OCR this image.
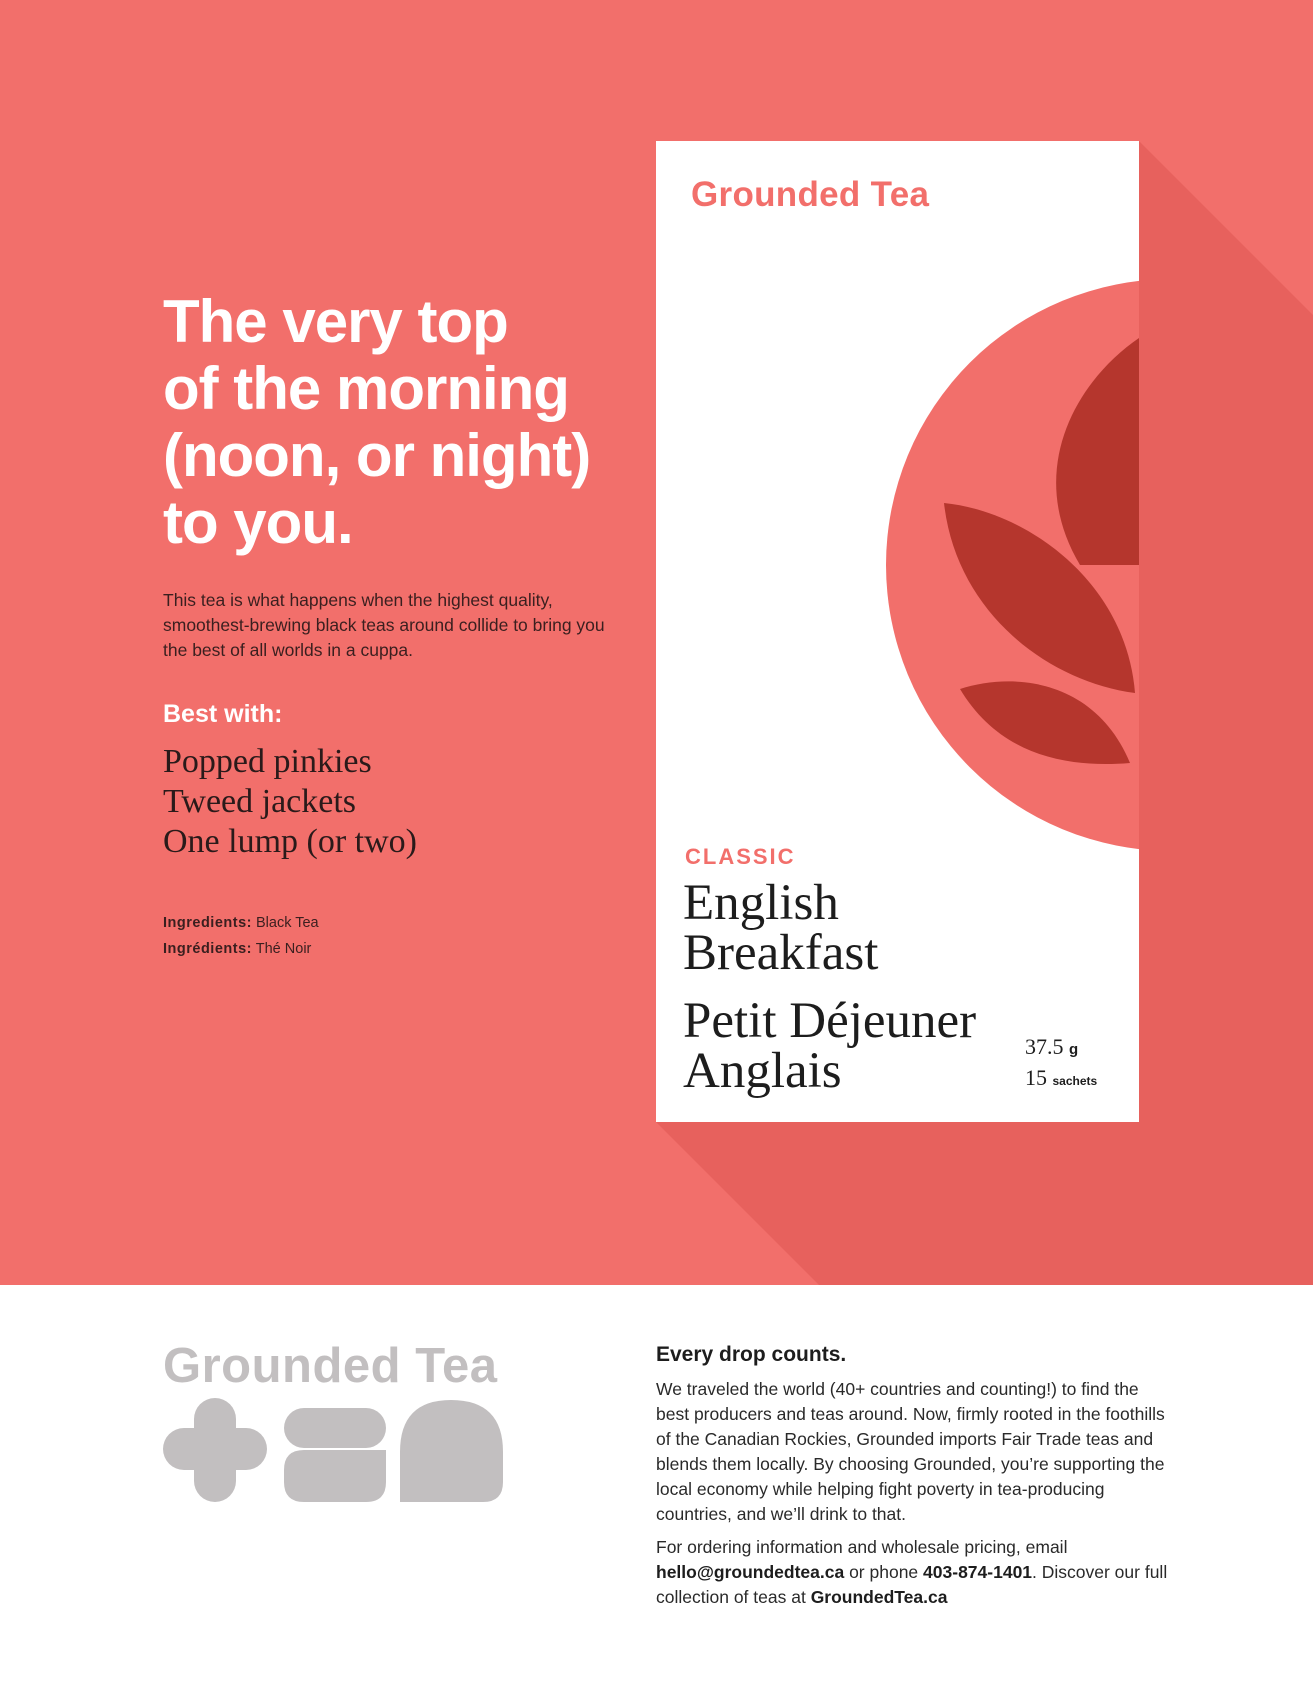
The very top
of the morning
(noon, or night)
to you.

This tea is what happens when the highest quality, smoothest-brewing black teas around collide to bring you the best of all worlds in a cuppa.

Best with:
Popped pinkies
Tweed jackets
One lump (or two)
Ingredients: Black Tea
Ingrédients: Thé Noir
Grounded Tea
CLASSIC
English
Breakfast
Petit Déjeuner
Anglais	37.5 g
15 sachets
Grounded Tea	Every drop counts.

We traveled the world (40+ countries and counting!) to find the best producers and teas around. Now, firmly rooted in the foothills of the Canadian Rockies, Grounded imports Fair Trade teas and blends them locally. By choosing Grounded, you’re supporting the local economy while helping fight poverty in tea-producing countries, and we’ll drink to that.

For ordering information and wholesale pricing, email hello@groundedtea.ca or phone 403-874-1401. Discover our full collection of teas at GroundedTea.ca
